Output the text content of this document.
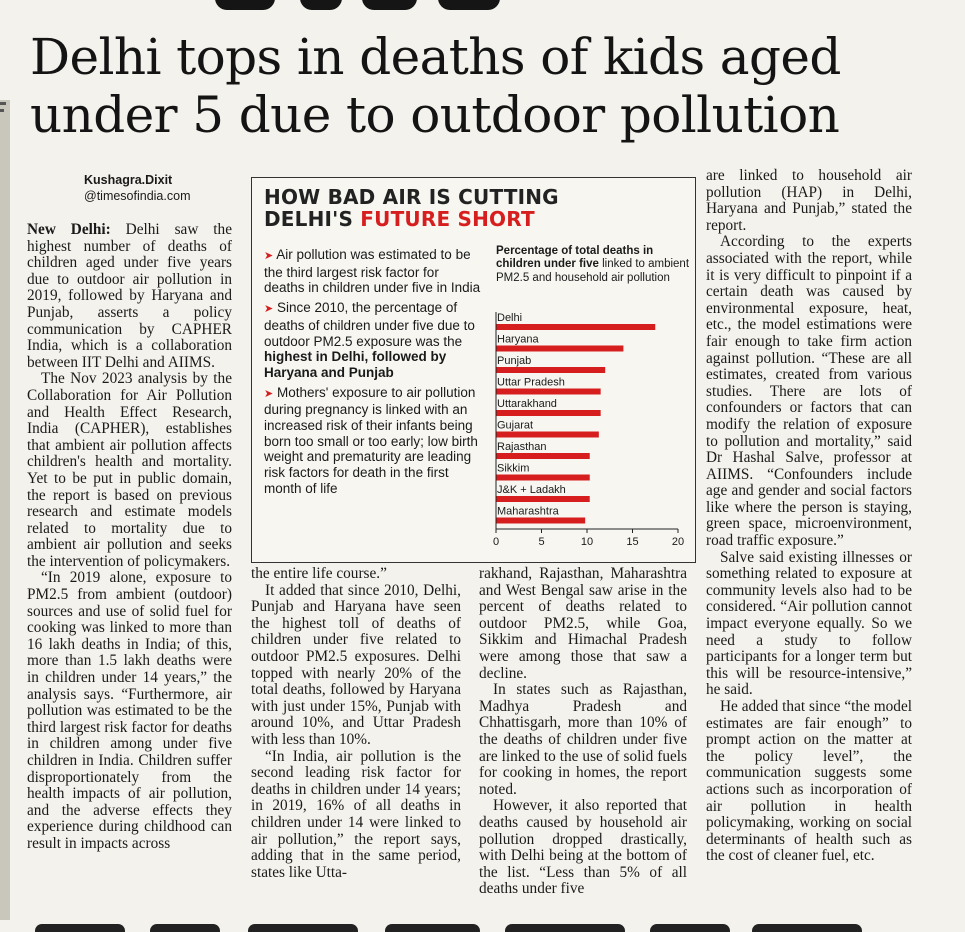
Delhi tops in deaths of kids aged
under 5 due to outdoor pollution
Kushagra.Dixit
@timesofindia.com

New Delhi: Delhi saw the highest number of deaths of children aged under five years due to outdoor air pollution in 2019, followed by Haryana and Punjab, asserts a policy communication by CAPHER India, which is a collaboration between IIT Delhi and AIIMS.

The Nov 2023 analysis by the Collaboration for Air Pollution and Health Effect Research, India (CAPHER), establishes that ambient air pollution affects children's health and mortality. Yet to be put in public domain, the report is based on previous research and estimate models related to mortality due to ambient air pollution and seeks the intervention of policymakers.

“In 2019 alone, exposure to PM2.5 from ambient (outdoor) sources and use of solid fuel for cooking was linked to more than 16 lakh deaths in India; of this, more than 1.5 lakh deaths were in children under 14 years,” the analysis says. “Furthermore, air pollution was estimated to be the third largest risk factor for deaths in children among under five children in India. Children suffer disproportionately from the health impacts of air pollution, and the adverse effects they experience during childhood can result in impacts across

HOW BAD AIR IS CUTTING
DELHI'S FUTURE SHORT
➤ Air pollution was estimated to be the third largest risk factor for deaths in children under five in India
➤ Since 2010, the percentage of deaths of children under five due to outdoor PM2.5 exposure was the highest in Delhi, followed by Haryana and Punjab
➤ Mothers' exposure to air pollution during pregnancy is linked with an increased risk of their infants being born too small or too early; low birth weight and prematurity are leading risk factors for death in the first month of life
Percentage of total deaths in children under five linked to ambient PM2.5 and household air pollution
Delhi
Haryana
Punjab
Uttar Pradesh
Uttarakhand
Gujarat
Rajasthan
Sikkim
J&K + Ladakh
Maharashtra
0	5	10	15	20

the entire life course.”

It added that since 2010, Delhi, Punjab and Haryana have seen the highest toll of deaths of children under five related to outdoor PM2.5 exposures. Delhi topped with nearly 20% of the total deaths, followed by Haryana with just under 15%, Punjab with around 10%, and Uttar Pradesh with less than 10%.

“In India, air pollution is the second leading risk factor for deaths in children under 14 years; in 2019, 16% of all deaths in children under 14 were linked to air pollution,” the report says, adding that in the same period, states like Utta-

rakhand, Rajasthan, Maharashtra and West Bengal saw arise in the percent of deaths related to outdoor PM2.5, while Goa, Sikkim and Himachal Pradesh were among those that saw a decline.

In states such as Rajasthan, Madhya Pradesh and Chhattisgarh, more than 10% of the deaths of children under five are linked to the use of solid fuels for cooking in homes, the report noted.

However, it also reported that deaths caused by household air pollution dropped drastically, with Delhi being at the bottom of the list. “Less than 5% of all deaths under five

are linked to household air pollution (HAP) in Delhi, Haryana and Punjab,” stated the report.

According to the experts associated with the report, while it is very difficult to pinpoint if a certain death was caused by environmental exposure, heat, etc., the model estimations were fair enough to take firm action against pollution. “These are all estimates, created from various studies. There are lots of confounders or factors that can modify the relation of exposure to pollution and mortality,” said Dr Hashal Salve, professor at AIIMS. “Confounders include age and gender and social factors like where the person is staying, green space, microenvironment, road traffic exposure.”

Salve said existing illnesses or something related to exposure at community levels also had to be considered. “Air pollution cannot impact everyone equally. So we need a study to follow participants for a longer term but this will be resource-intensive,” he said.

He added that since “the model estimates are fair enough” to prompt action on the matter at the policy level”, the communication suggests some actions such as incorporation of air pollution in health policymaking, working on social determinants of health such as the cost of cleaner fuel, etc.
